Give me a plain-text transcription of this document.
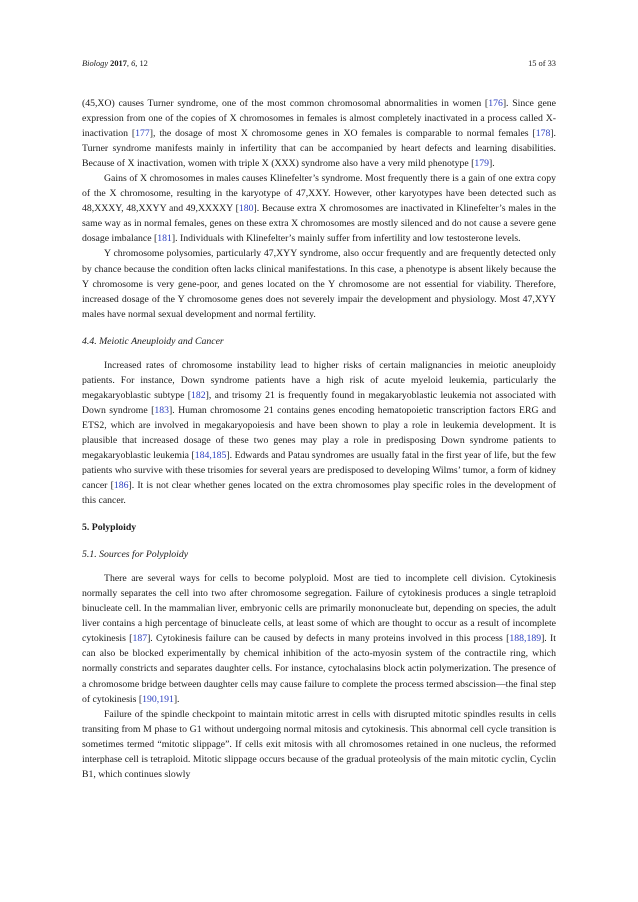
Biology 2017, 6, 12	15 of 33

(45,XO) causes Turner syndrome, one of the most common chromosomal abnormalities in women [176]. Since gene expression from one of the copies of X chromosomes in females is almost completely inactivated in a process called X-inactivation [177], the dosage of most X chromosome genes in XO females is comparable to normal females [178]. Turner syndrome manifests mainly in infertility that can be accompanied by heart defects and learning disabilities. Because of X inactivation, women with triple X (XXX) syndrome also have a very mild phenotype [179].

Gains of X chromosomes in males causes Klinefelter’s syndrome. Most frequently there is a gain of one extra copy of the X chromosome, resulting in the karyotype of 47,XXY. However, other karyotypes have been detected such as 48,XXXY, 48,XXYY and 49,XXXXY [180]. Because extra X chromosomes are inactivated in Klinefelter’s males in the same way as in normal females, genes on these extra X chromosomes are mostly silenced and do not cause a severe gene dosage imbalance [181]. Individuals with Klinefelter’s mainly suffer from infertility and low testosterone levels.

Y chromosome polysomies, particularly 47,XYY syndrome, also occur frequently and are frequently detected only by chance because the condition often lacks clinical manifestations. In this case, a phenotype is absent likely because the Y chromosome is very gene-poor, and genes located on the Y chromosome are not essential for viability. Therefore, increased dosage of the Y chromosome genes does not severely impair the development and physiology. Most 47,XYY males have normal sexual development and normal fertility.

4.4. Meiotic Aneuploidy and Cancer

Increased rates of chromosome instability lead to higher risks of certain malignancies in meiotic aneuploidy patients. For instance, Down syndrome patients have a high risk of acute myeloid leukemia, particularly the megakaryoblastic subtype [182], and trisomy 21 is frequently found in megakaryoblastic leukemia not associated with Down syndrome [183]. Human chromosome 21 contains genes encoding hematopoietic transcription factors ERG and ETS2, which are involved in megakaryopoiesis and have been shown to play a role in leukemia development. It is plausible that increased dosage of these two genes may play a role in predisposing Down syndrome patients to megakaryoblastic leukemia [184,185]. Edwards and Patau syndromes are usually fatal in the first year of life, but the few patients who survive with these trisomies for several years are predisposed to developing Wilms’ tumor, a form of kidney cancer [186]. It is not clear whether genes located on the extra chromosomes play specific roles in the development of this cancer.

5. Polyploidy
5.1. Sources for Polyploidy

There are several ways for cells to become polyploid. Most are tied to incomplete cell division. Cytokinesis normally separates the cell into two after chromosome segregation. Failure of cytokinesis produces a single tetraploid binucleate cell. In the mammalian liver, embryonic cells are primarily mononucleate but, depending on species, the adult liver contains a high percentage of binucleate cells, at least some of which are thought to occur as a result of incomplete cytokinesis [187]. Cytokinesis failure can be caused by defects in many proteins involved in this process [188,189]. It can also be blocked experimentally by chemical inhibition of the acto-myosin system of the contractile ring, which normally constricts and separates daughter cells. For instance, cytochalasins block actin polymerization. The presence of a chromosome bridge between daughter cells may cause failure to complete the process termed abscission—the final step of cytokinesis [190,191].

Failure of the spindle checkpoint to maintain mitotic arrest in cells with disrupted mitotic spindles results in cells transiting from M phase to G1 without undergoing normal mitosis and cytokinesis. This abnormal cell cycle transition is sometimes termed “mitotic slippage”. If cells exit mitosis with all chromosomes retained in one nucleus, the reformed interphase cell is tetraploid. Mitotic slippage occurs because of the gradual proteolysis of the main mitotic cyclin, Cyclin B1, which continues slowly
